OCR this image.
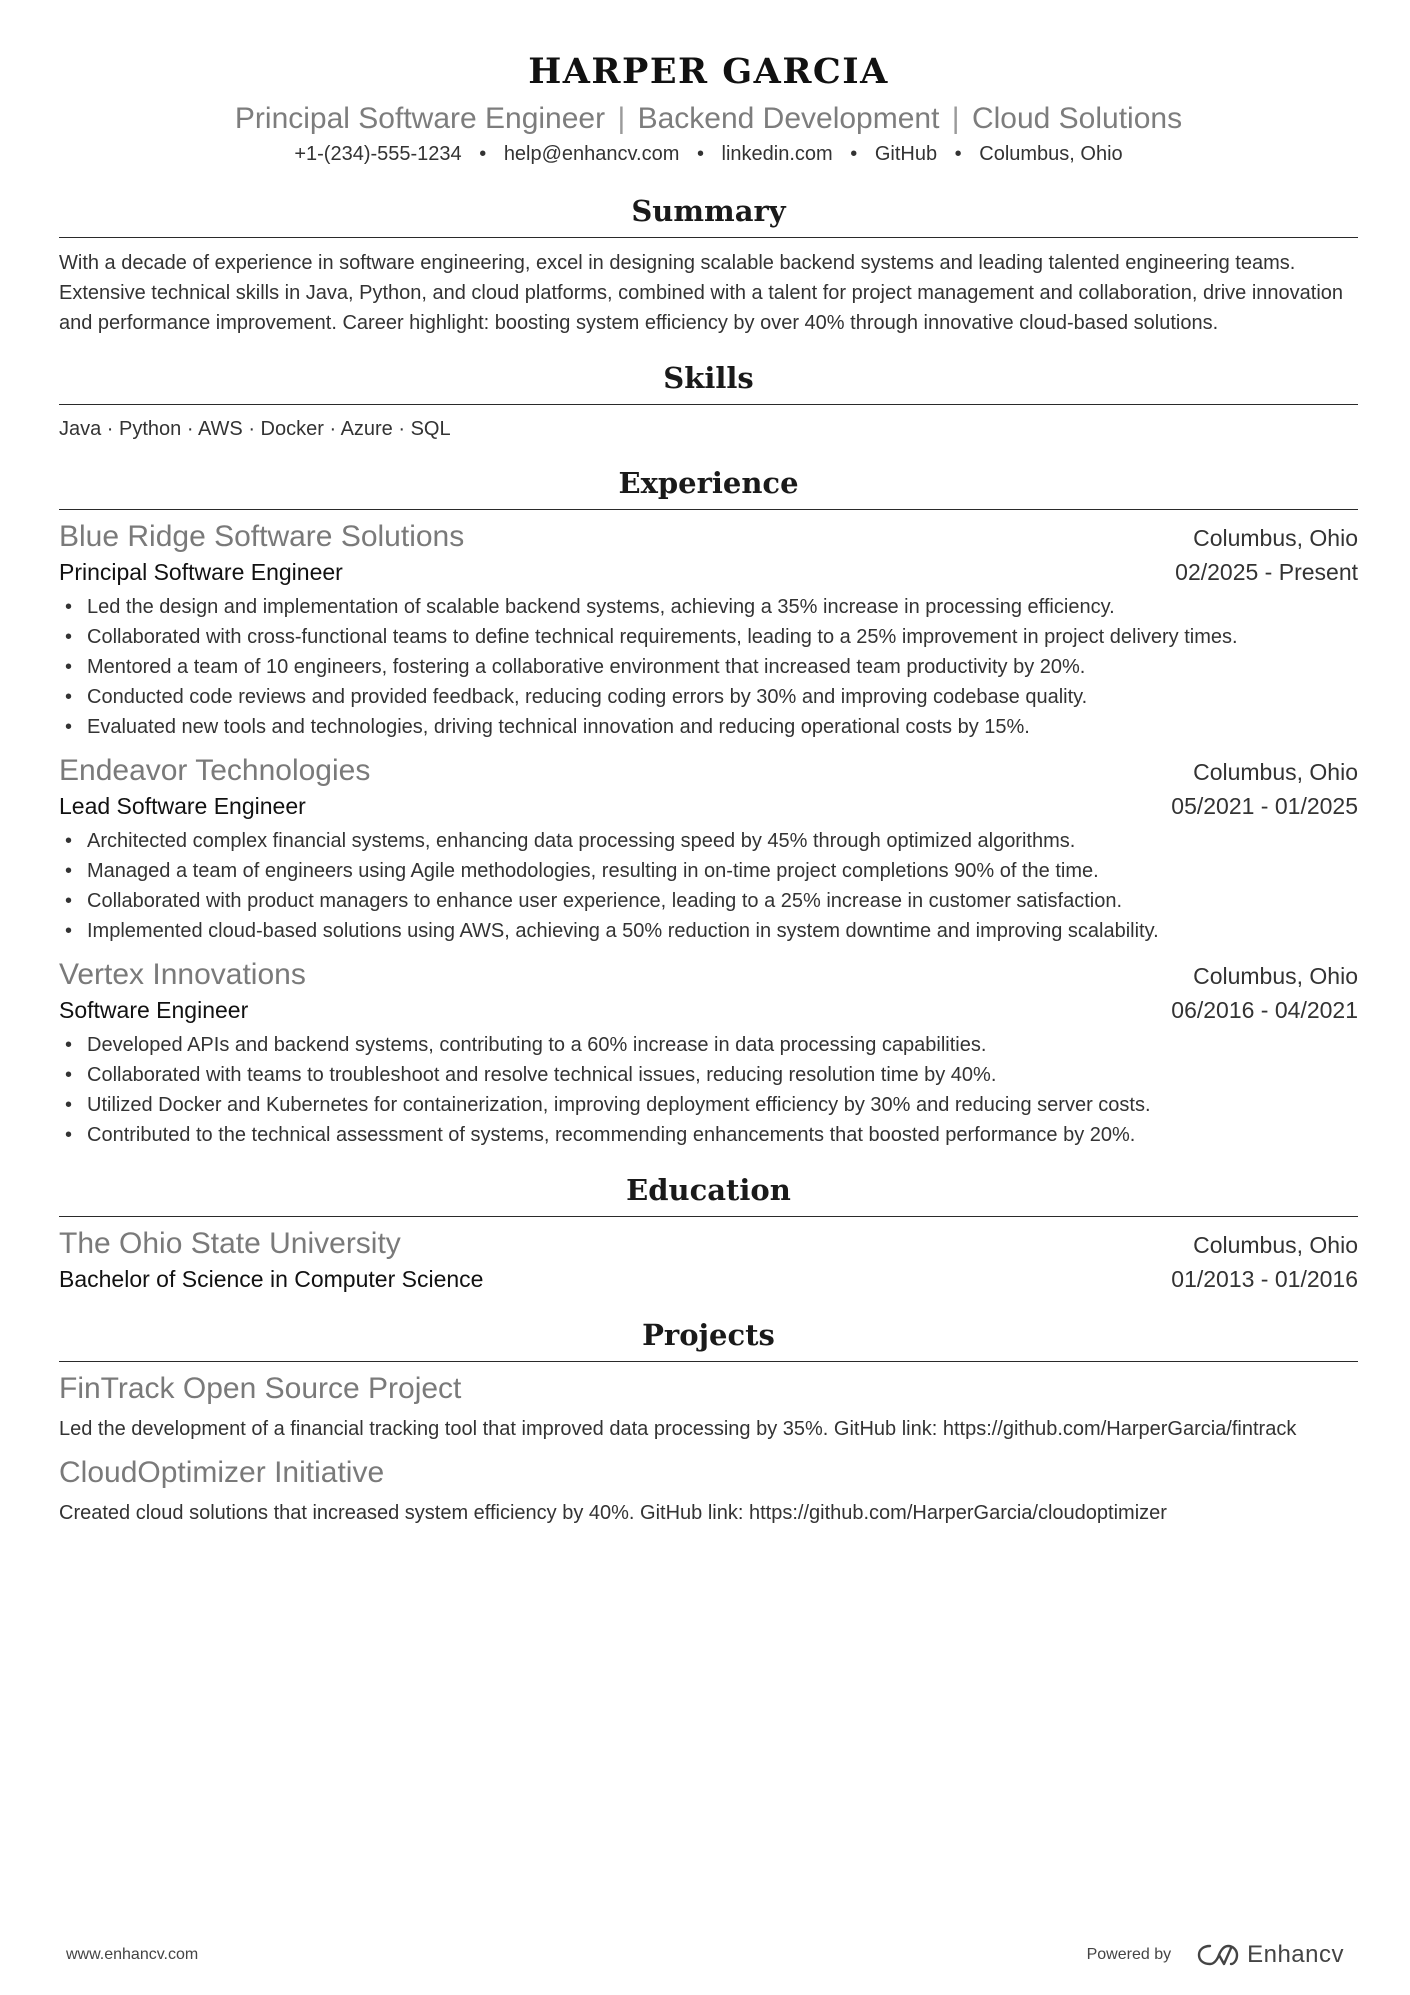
HARPER GARCIA
Principal Software Engineer | Backend Development | Cloud Solutions
+1-(234)-555-1234 • help@enhancv.com • linkedin.com • GitHub • Columbus, Ohio
Summary
With a decade of experience in software engineering, excel in designing scalable backend systems and leading talented engineering teams. Extensive technical skills in Java, Python, and cloud platforms, combined with a talent for project management and collaboration, drive innovation and performance improvement. Career highlight: boosting system efficiency by over 40% through innovative cloud-based solutions.
Skills
Java · Python · AWS · Docker · Azure · SQL
Experience
Blue Ridge Software Solutions	Columbus, Ohio
Principal Software Engineer	02/2025 - Present
• Led the design and implementation of scalable backend systems, achieving a 35% increase in processing efficiency.
• Collaborated with cross-functional teams to define technical requirements, leading to a 25% improvement in project delivery times.
• Mentored a team of 10 engineers, fostering a collaborative environment that increased team productivity by 20%.
• Conducted code reviews and provided feedback, reducing coding errors by 30% and improving codebase quality.
• Evaluated new tools and technologies, driving technical innovation and reducing operational costs by 15%.
Endeavor Technologies	Columbus, Ohio
Lead Software Engineer	05/2021 - 01/2025
• Architected complex financial systems, enhancing data processing speed by 45% through optimized algorithms.
• Managed a team of engineers using Agile methodologies, resulting in on-time project completions 90% of the time.
• Collaborated with product managers to enhance user experience, leading to a 25% increase in customer satisfaction.
• Implemented cloud-based solutions using AWS, achieving a 50% reduction in system downtime and improving scalability.
Vertex Innovations	Columbus, Ohio
Software Engineer	06/2016 - 04/2021
• Developed APIs and backend systems, contributing to a 60% increase in data processing capabilities.
• Collaborated with teams to troubleshoot and resolve technical issues, reducing resolution time by 40%.
• Utilized Docker and Kubernetes for containerization, improving deployment efficiency by 30% and reducing server costs.
• Contributed to the technical assessment of systems, recommending enhancements that boosted performance by 20%.
Education
The Ohio State University	Columbus, Ohio
Bachelor of Science in Computer Science	01/2013 - 01/2016
Projects
FinTrack Open Source Project
Led the development of a financial tracking tool that improved data processing by 35%. GitHub link: https://github.com/HarperGarcia/fintrack
CloudOptimizer Initiative
Created cloud solutions that increased system efficiency by 40%. GitHub link: https://github.com/HarperGarcia/cloudoptimizer
www.enhancv.com	Powered by	Enhancv
